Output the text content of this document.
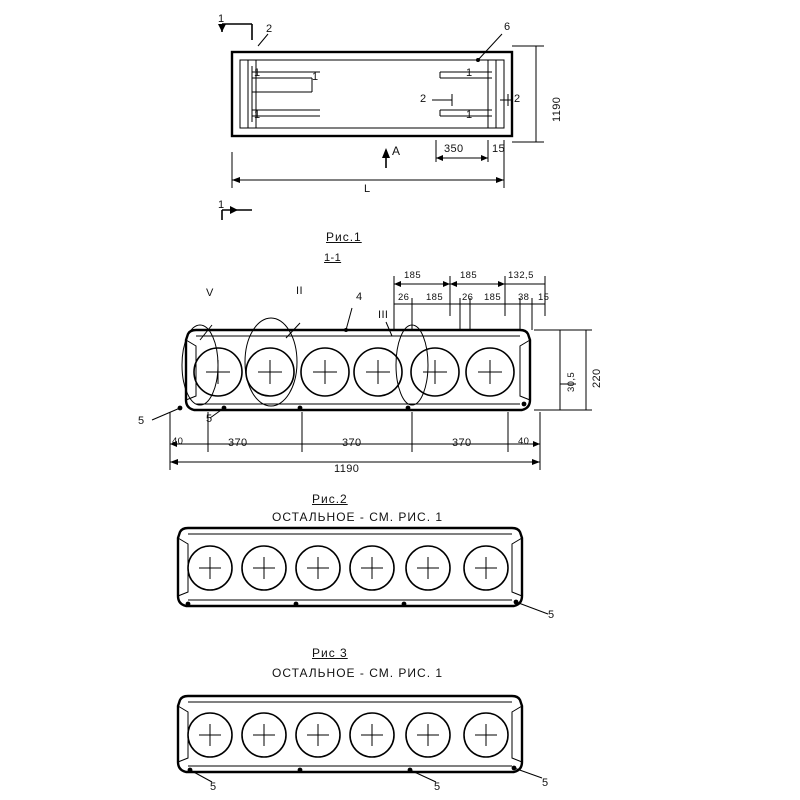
1
2
1	1
1
1
1
6
2	2	1190
L
350	15
A
1
Рис.1
1-1
V	II
III
4
5	5
185	185	132,5
26 185 26 185 38 15
30,5 220
40	370	370	370	40
1190
Рис.2
ОСТАЛЬНОЕ - СМ. РИС. 1
5
Рис 3
ОСТАЛЬНОЕ - СМ. РИС. 1
5	5	5
